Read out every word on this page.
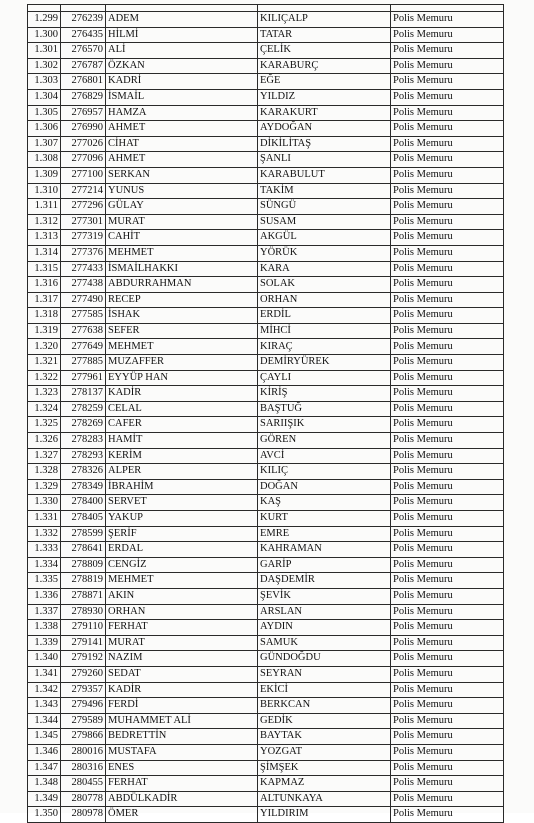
1.299	276239	ADEM	KILIÇALP	Polis Memuru
1.300	276435	HİLMİ	TATAR	Polis Memuru
1.301	276570	ALİ	ÇELİK	Polis Memuru
1.302	276787	ÖZKAN	KARABURÇ	Polis Memuru
1.303	276801	KADRİ	EĞE	Polis Memuru
1.304	276829	İSMAİL	YILDIZ	Polis Memuru
1.305	276957	HAMZA	KARAKURT	Polis Memuru
1.306	276990	AHMET	AYDOĞAN	Polis Memuru
1.307	277026	CİHAT	DİKİLİTAŞ	Polis Memuru
1.308	277096	AHMET	ŞANLI	Polis Memuru
1.309	277100	SERKAN	KARABULUT	Polis Memuru
1.310	277214	YUNUS	TAKİM	Polis Memuru
1.311	277296	GÜLAY	SÜNGÜ	Polis Memuru
1.312	277301	MURAT	SUSAM	Polis Memuru
1.313	277319	CAHİT	AKGÜL	Polis Memuru
1.314	277376	MEHMET	YÖRÜK	Polis Memuru
1.315	277433	İSMAİLHAKKI	KARA	Polis Memuru
1.316	277438	ABDURRAHMAN	SOLAK	Polis Memuru
1.317	277490	RECEP	ORHAN	Polis Memuru
1.318	277585	İSHAK	ERDİL	Polis Memuru
1.319	277638	SEFER	MİHCİ	Polis Memuru
1.320	277649	MEHMET	KIRAÇ	Polis Memuru
1.321	277885	MUZAFFER	DEMİRYÜREK	Polis Memuru
1.322	277961	EYYÜP HAN	ÇAYLI	Polis Memuru
1.323	278137	KADİR	KİRİŞ	Polis Memuru
1.324	278259	CELAL	BAŞTUĞ	Polis Memuru
1.325	278269	CAFER	SARIIŞIK	Polis Memuru
1.326	278283	HAMİT	GÖREN	Polis Memuru
1.327	278293	KERİM	AVCİ	Polis Memuru
1.328	278326	ALPER	KILIÇ	Polis Memuru
1.329	278349	İBRAHİM	DOĞAN	Polis Memuru
1.330	278400	SERVET	KAŞ	Polis Memuru
1.331	278405	YAKUP	KURT	Polis Memuru
1.332	278599	ŞERİF	EMRE	Polis Memuru
1.333	278641	ERDAL	KAHRAMAN	Polis Memuru
1.334	278809	CENGİZ	GARİP	Polis Memuru
1.335	278819	MEHMET	DAŞDEMİR	Polis Memuru
1.336	278871	AKIN	ŞEVİK	Polis Memuru
1.337	278930	ORHAN	ARSLAN	Polis Memuru
1.338	279110	FERHAT	AYDIN	Polis Memuru
1.339	279141	MURAT	SAMUK	Polis Memuru
1.340	279192	NAZIM	GÜNDOĞDU	Polis Memuru
1.341	279260	SEDAT	SEYRAN	Polis Memuru
1.342	279357	KADİR	EKİCİ	Polis Memuru
1.343	279496	FERDİ	BERKCAN	Polis Memuru
1.344	279589	MUHAMMET ALİ	GEDİK	Polis Memuru
1.345	279866	BEDRETTİN	BAYTAK	Polis Memuru
1.346	280016	MUSTAFA	YOZGAT	Polis Memuru
1.347	280316	ENES	ŞİMŞEK	Polis Memuru
1.348	280455	FERHAT	KAPMAZ	Polis Memuru
1.349	280778	ABDÜLKADİR	ALTUNKAYA	Polis Memuru
1.350	280978	ÖMER	YILDIRIM	Polis Memuru
